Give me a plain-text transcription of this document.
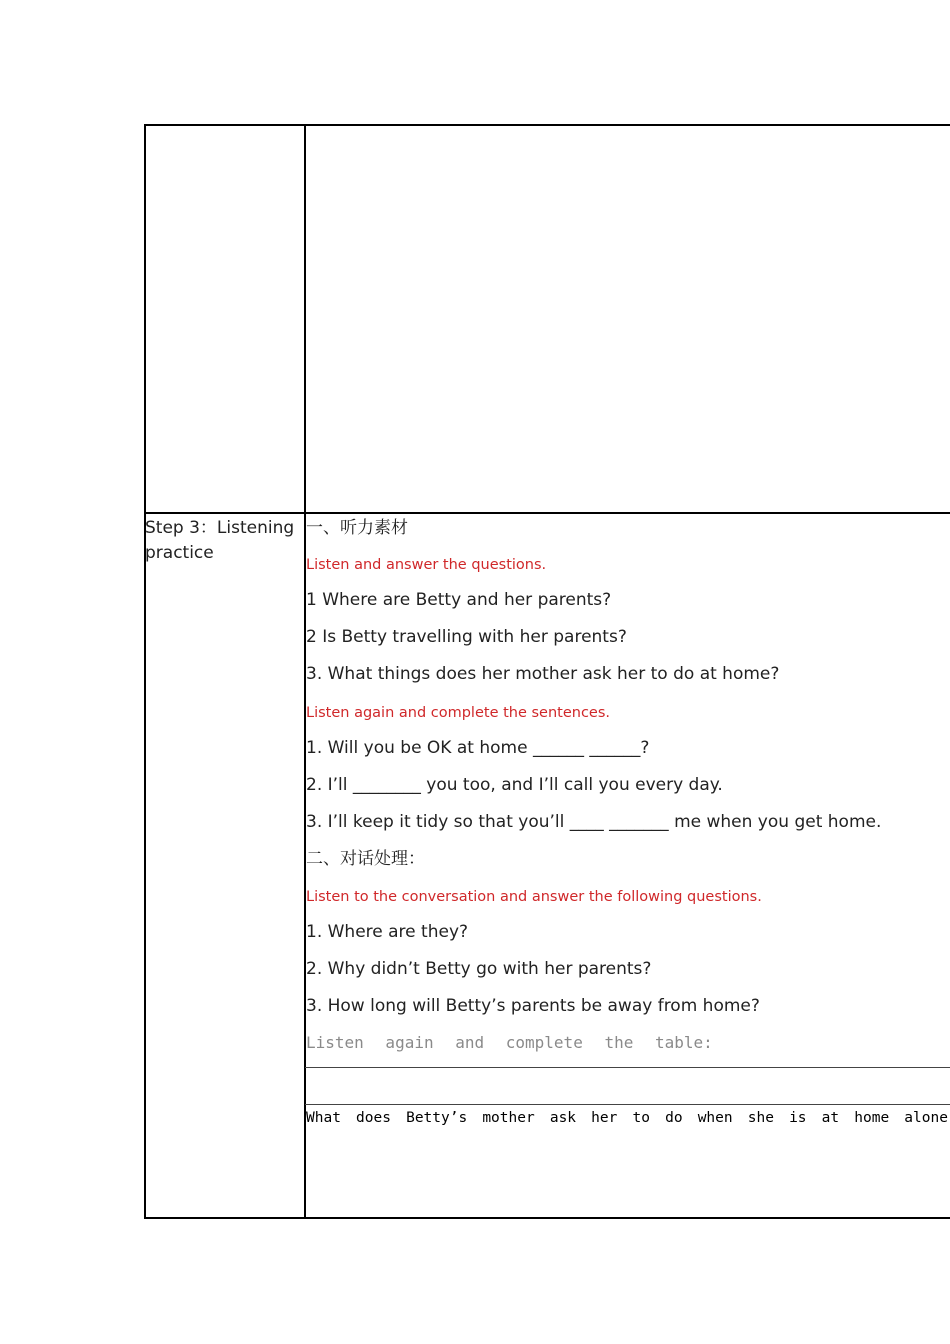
Step 3：Listening practice
一、听力素材
Listen and answer the questions.
1 Where are Betty and her parents?
2 Is Betty travelling with her parents?
3. What things does her mother ask her to do at home?
Listen again and complete the sentences.
1. Will you be OK at home ______ ______?
2. I’ll ________ you too, and I’ll call you every day.
3. I’ll keep it tidy so that you’ll ____ _______ me when you get home.
二、对话处理：
Listen to the conversation and answer the following questions.
1. Where are they?
2. Why didn’t Betty go with her parents?
3. How long will Betty’s parents be away from home?
Listen again and complete the table:
What does Betty’s mother ask her to do when she is at home alone
